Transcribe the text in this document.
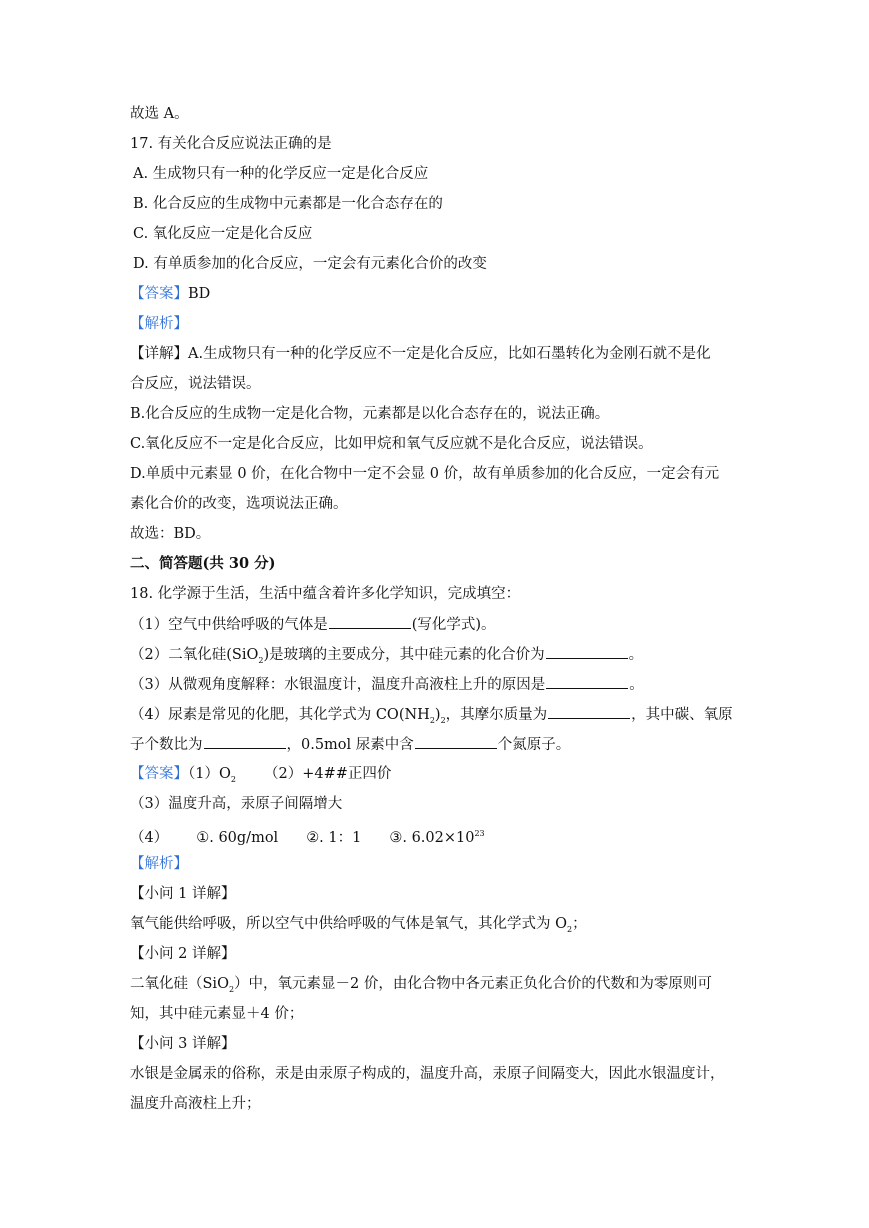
故选 A。
17. 有关化合反应说法正确的是
A. 生成物只有一种的化学反应一定是化合反应
B. 化合反应的生成物中元素都是一化合态存在的
C. 氧化反应一定是化合反应
D. 有单质参加的化合反应，一定会有元素化合价的改变
【答案】BD
【解析】
【详解】A.生成物只有一种的化学反应不一定是化合反应，比如石墨转化为金刚石就不是化
合反应，说法错误。
B.化合反应的生成物一定是化合物，元素都是以化合态存在的，说法正确。
C.氧化反应不一定是化合反应，比如甲烷和氧气反应就不是化合反应，说法错误。
D.单质中元素显 0 价，在化合物中一定不会显 0 价，故有单质参加的化合反应，一定会有元
素化合价的改变，选项说法正确。
故选：BD。
二、简答题(共 30 分)
18. 化学源于生活，生活中蕴含着许多化学知识，完成填空：
（1）空气中供给呼吸的气体是	(写化学式)。
（2）二氧化硅(SiO$_2$)是玻璃的主要成分，其中硅元素的化合价为	。
（3）从微观角度解释：水银温度计，温度升高液柱上升的原因是	。
（4）尿素是常见的化肥，其化学式为 $CO(NH_2)_2$，其摩尔质量为	，其中碳、氧原
子个数比为	，0.5mol 尿素中含	个氮原子。
【答案】$(1)O_2$ （2）+4##正四价
（3）温度升高，汞原子间隔增大
（4） ①. 60g/mol ②. 1：1 ③. $6.02\times 10^{23}$
【解析】
【小问 1 详解】
氧气能供给呼吸，所以空气中供给呼吸的气体是氧气，其化学式为 $O_2$；
【小问 2 详解】
二氧化硅（SiO$_2$）中，氧元素显－2 价，由化合物中各元素正负化合价的代数和为零原则可
知，其中硅元素显＋4 价；
【小问 3 详解】
水银是金属汞的俗称，汞是由汞原子构成的，温度升高，汞原子间隔变大，因此水银温度计，
温度升高液柱上升；
